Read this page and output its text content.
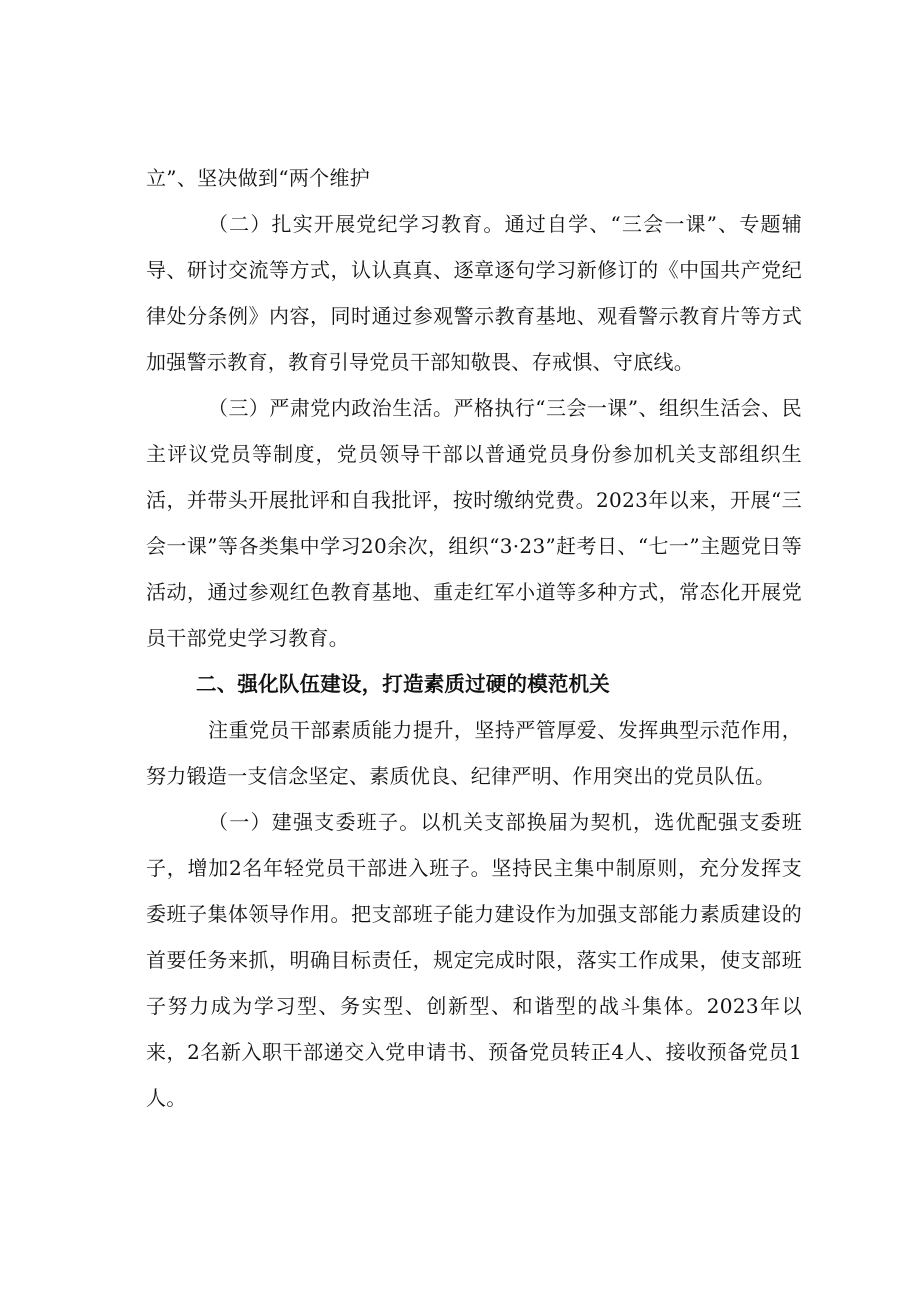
立”、坚决做到“两个维护

（二）扎实开展党纪学习教育。通过自学、“三会一课”、专题辅导、研讨交流等方式，认认真真、逐章逐句学习新修订的《中国共产党纪律处分条例》内容，同时通过参观警示教育基地、观看警示教育片等方式加强警示教育，教育引导党员干部知敬畏、存戒惧、守底线。

（三）严肃党内政治生活。严格执行“三会一课”、组织生活会、民主评议党员等制度，党员领导干部以普通党员身份参加机关支部组织生活，并带头开展批评和自我批评，按时缴纳党费。2023年以来，开展“三会一课”等各类集中学习20余次，组织“3·23”赶考日、“七一”主题党日等活动，通过参观红色教育基地、重走红军小道等多种方式，常态化开展党员干部党史学习教育。

二、强化队伍建设，打造素质过硬的模范机关

注重党员干部素质能力提升，坚持严管厚爱、发挥典型示范作用，努力锻造一支信念坚定、素质优良、纪律严明、作用突出的党员队伍。

（一）建强支委班子。以机关支部换届为契机，选优配强支委班子，增加2名年轻党员干部进入班子。坚持民主集中制原则，充分发挥支委班子集体领导作用。把支部班子能力建设作为加强支部能力素质建设的首要任务来抓，明确目标责任，规定完成时限，落实工作成果，使支部班子努力成为学习型、务实型、创新型、和谐型的战斗集体。2023年以来，2名新入职干部递交入党申请书、预备党员转正4人、接收预备党员1人。
